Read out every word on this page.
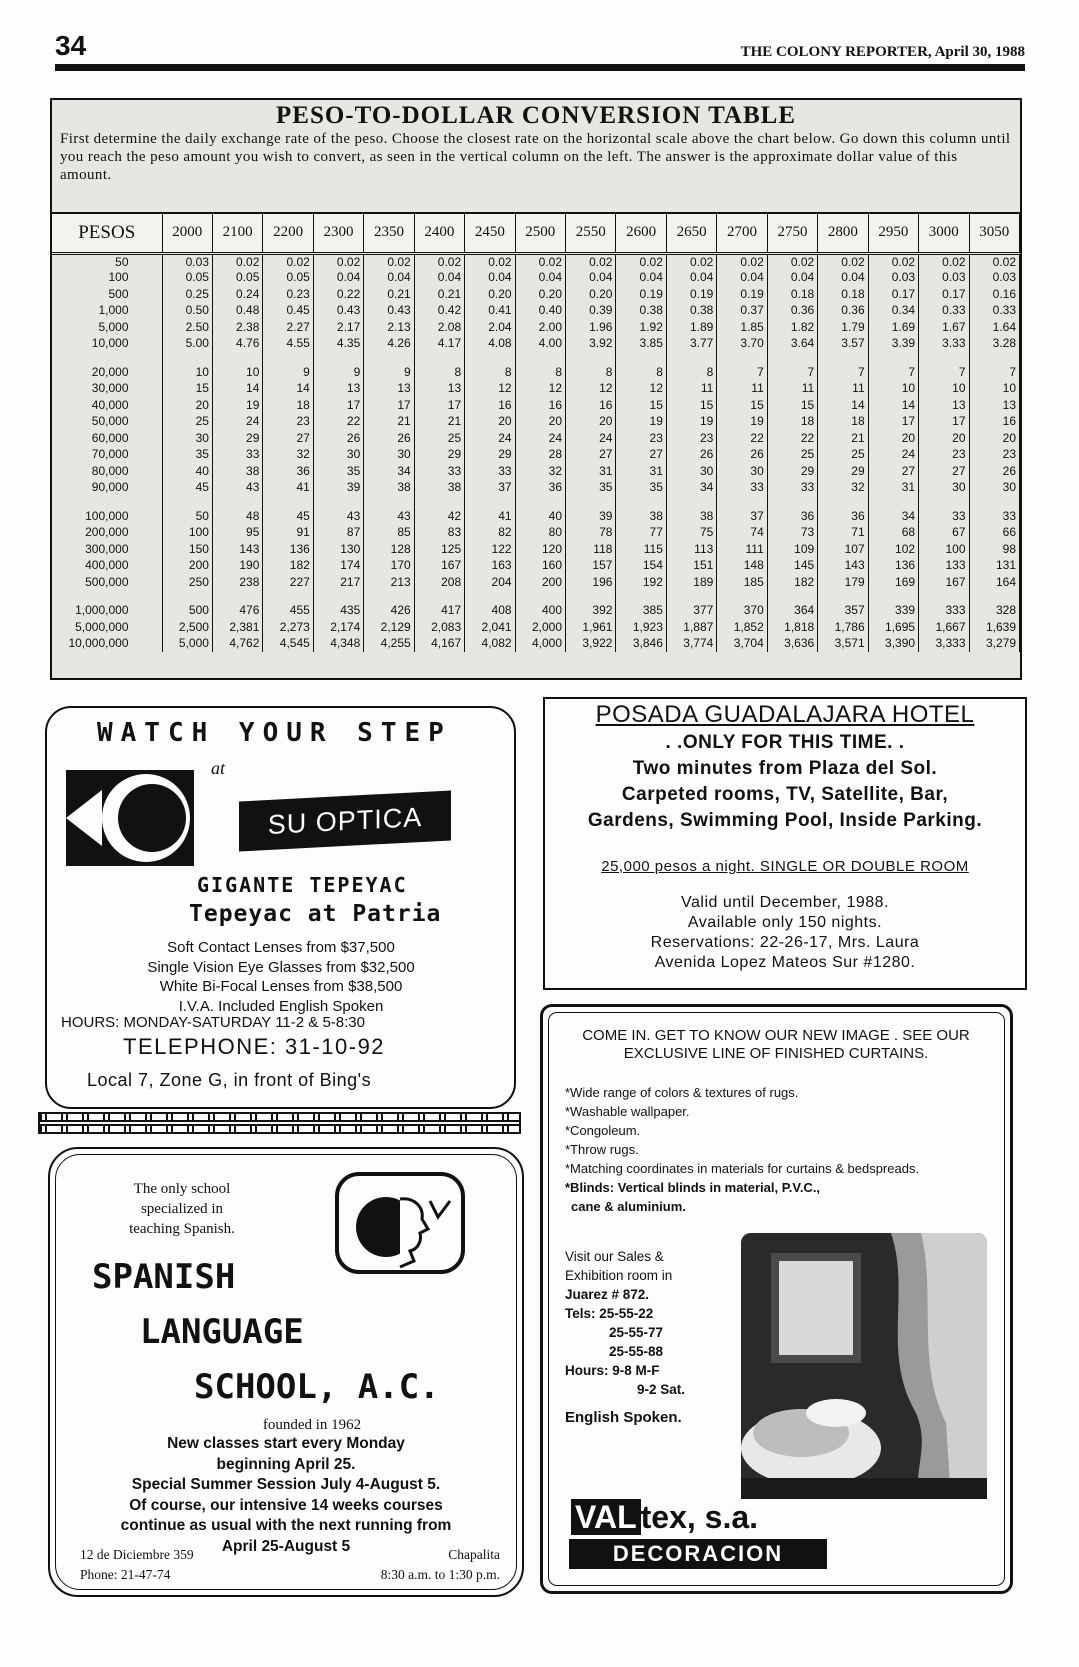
34	THE COLONY REPORTER, April 30, 1988
PESO-TO-DOLLAR CONVERSION TABLE
First determine the daily exchange rate of the peso. Choose the closest rate on the horizontal scale above the chart below. Go down this column until you reach the peso amount you wish to convert, as seen in the vertical column on the left. The answer is the approximate dollar value of this amount.
PESOS	2000	2100	2200	2300	2350	2400	2450	2500	2550	2600	2650	2700	2750	2800	2950	3000	3050
50	0.03	0.02	0.02	0.02	0.02	0.02	0.02	0.02	0.02	0.02	0.02	0.02	0.02	0.02	0.02	0.02	0.02
100	0.05	0.05	0.05	0.04	0.04	0.04	0.04	0.04	0.04	0.04	0.04	0.04	0.04	0.04	0.03	0.03	0.03
500	0.25	0.24	0.23	0.22	0.21	0.21	0.20	0.20	0.20	0.19	0.19	0.19	0.18	0.18	0.17	0.17	0.16
1,000	0.50	0.48	0.45	0.43	0.43	0.42	0.41	0.40	0.39	0.38	0.38	0.37	0.36	0.36	0.34	0.33	0.33
5,000	2.50	2.38	2.27	2.17	2.13	2.08	2.04	2.00	1.96	1.92	1.89	1.85	1.82	1.79	1.69	1.67	1.64
10,000	5.00	4.76	4.55	4.35	4.26	4.17	4.08	4.00	3.92	3.85	3.77	3.70	3.64	3.57	3.39	3.33	3.28

20,000	10	10	9	9	9	8	8	8	8	8	8	7	7	7	7	7	7
30,000	15	14	14	13	13	13	12	12	12	12	11	11	11	11	10	10	10
40,000	20	19	18	17	17	17	16	16	16	15	15	15	15	14	14	13	13
50,000	25	24	23	22	21	21	20	20	20	19	19	19	18	18	17	17	16
60,000	30	29	27	26	26	25	24	24	24	23	23	22	22	21	20	20	20
70,000	35	33	32	30	30	29	29	28	27	27	26	26	25	25	24	23	23
80,000	40	38	36	35	34	33	33	32	31	31	30	30	29	29	27	27	26
90,000	45	43	41	39	38	38	37	36	35	35	34	33	33	32	31	30	30

100,000	50	48	45	43	43	42	41	40	39	38	38	37	36	36	34	33	33
200,000	100	95	91	87	85	83	82	80	78	77	75	74	73	71	68	67	66
300,000	150	143	136	130	128	125	122	120	118	115	113	111	109	107	102	100	98
400,000	200	190	182	174	170	167	163	160	157	154	151	148	145	143	136	133	131
500,000	250	238	227	217	213	208	204	200	196	192	189	185	182	179	169	167	164

1,000,000	500	476	455	435	426	417	408	400	392	385	377	370	364	357	339	333	328
5,000,000	2,500	2,381	2,273	2,174	2,129	2,083	2,041	2,000	1,961	1,923	1,887	1,852	1,818	1,786	1,695	1,667	1,639
10,000,000	5,000	4,762	4,545	4,348	4,255	4,167	4,082	4,000	3,922	3,846	3,774	3,704	3,636	3,571	3,390	3,333	3,279
WATCH YOUR STEP
at
SU OPTICA
GIGANTE TEPEYAC
Tepeyac at Patria
Soft Contact Lenses from $37,500
Single Vision Eye Glasses from $32,500
White Bi-Focal Lenses from $38,500
I.V.A. Included English Spoken
HOURS: MONDAY-SATURDAY 11-2 & 5-8:30
TELEPHONE: 31-10-92
Local 7, Zone G, in front of Bing's
POSADA GUADALAJARA HOTEL
. .ONLY FOR THIS TIME. .
Two minutes from Plaza del Sol.
Carpeted rooms, TV, Satellite, Bar,
Gardens, Swimming Pool, Inside Parking.
25,000 pesos a night. SINGLE OR DOUBLE ROOM
Valid until December, 1988.
Available only 150 nights.
Reservations: 22-26-17, Mrs. Laura
Avenida Lopez Mateos Sur #1280.
COME IN. GET TO KNOW OUR NEW IMAGE . SEE OUR EXCLUSIVE LINE OF FINISHED CURTAINS.
*Wide range of colors & textures of rugs.
*Washable wallpaper.
*Congoleum.
*Throw rugs.
*Matching coordinates in materials for curtains & bedspreads.
*Blinds: Vertical blinds in material, P.V.C.,
cane & aluminium.
Visit our Sales &
Exhibition room in
Juarez # 872.
Tels: 25-55-22
25-55-77
25-55-88
Hours: 9-8 M-F
9-2 Sat.
English Spoken.
VAL tex, s.a.
DECORACION
The only school
specialized in
teaching Spanish.
SPANISH
LANGUAGE
SCHOOL, A.C.
founded in 1962
New classes start every Monday
beginning April 25.
Special Summer Session July 4-August 5.
Of course, our intensive 14 weeks courses
continue as usual with the next running from
April 25-August 5
12 de Diciembre 359
Phone: 21-47-74
Chapalita
8:30 a.m. to 1:30 p.m.
